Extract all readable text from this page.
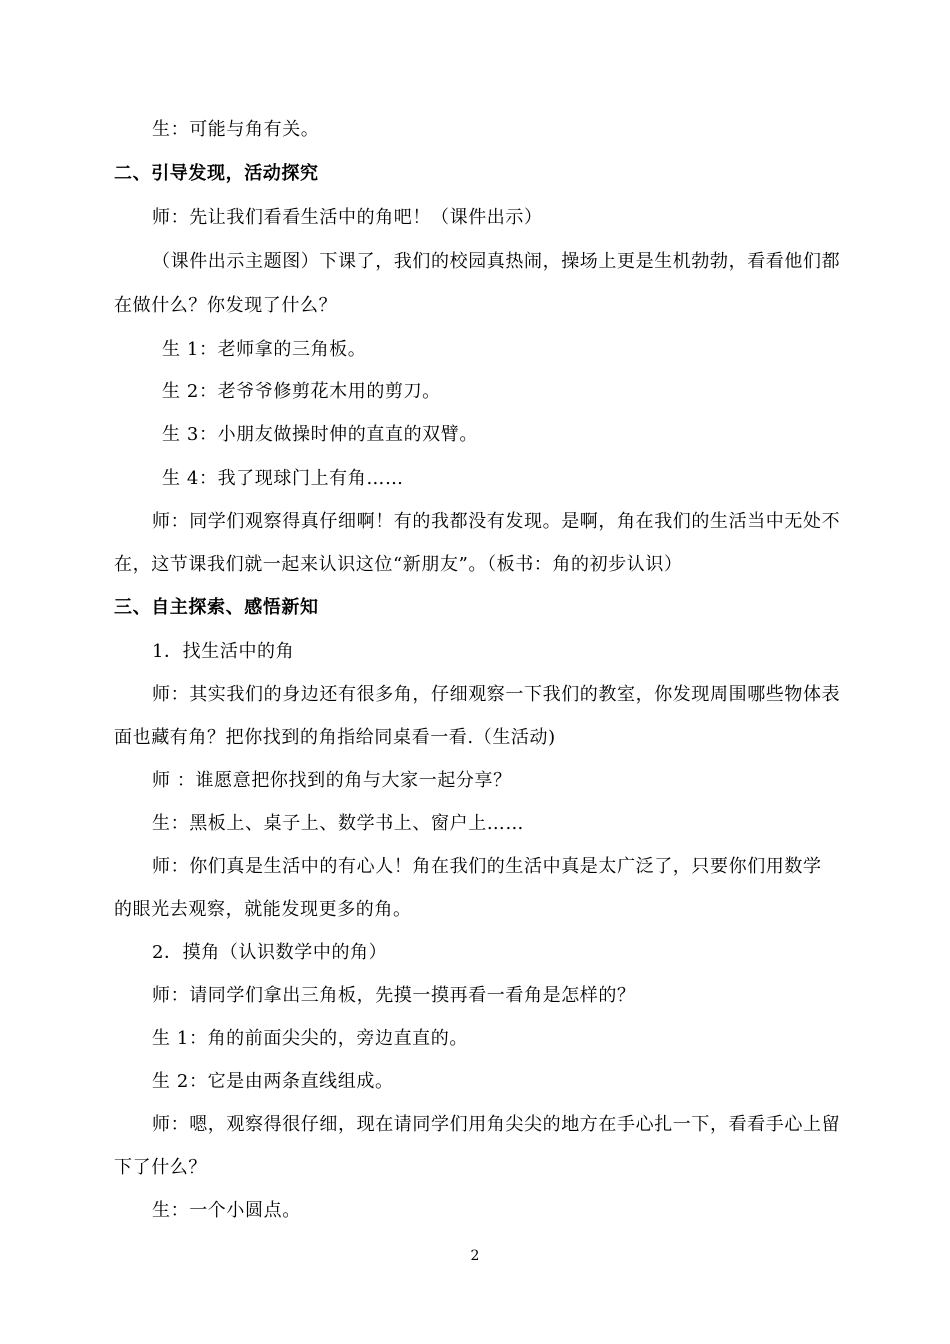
生：可能与角有关。
二、引导发现，活动探究
师：先让我们看看生活中的角吧！（课件出示）
（课件出示主题图）下课了，我们的校园真热闹，操场上更是生机勃勃，看看他们都
在做什么？你发现了什么？
生 1：老师拿的三角板。
生 2：老爷爷修剪花木用的剪刀。
生 3：小朋友做操时伸的直直的双臂。
生 4：我了现球门上有角……
师：同学们观察得真仔细啊！有的我都没有发现。是啊，角在我们的生活当中无处不
在，这节课我们就一起来认识这位“新朋友”。（板书：角的初步认识）
三、自主探索、感悟新知
1．找生活中的角
师：其实我们的身边还有很多角，仔细观察一下我们的教室，你发现周围哪些物体表
面也藏有角？把你找到的角指给同桌看一看.（生活动)
师 ：谁愿意把你找到的角与大家一起分享？
生：黑板上、桌子上、数学书上、窗户上……
师：你们真是生活中的有心人！角在我们的生活中真是太广泛了，只要你们用数学
的眼光去观察，就能发现更多的角。
2．摸角（认识数学中的角）
师：请同学们拿出三角板，先摸一摸再看一看角是怎样的？
生 1：角的前面尖尖的，旁边直直的。
生 2：它是由两条直线组成。
师：嗯，观察得很仔细，现在请同学们用角尖尖的地方在手心扎一下，看看手心上留
下了什么？
生：一个小圆点。
2
